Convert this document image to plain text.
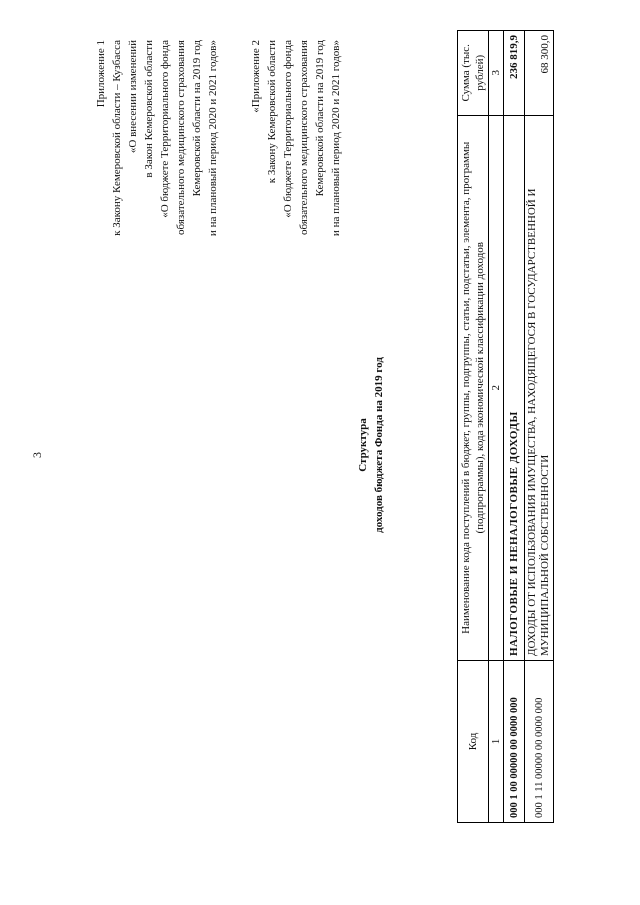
3
Приложение 1 к Закону Кемеровской области – Кузбасса «О внесении изменений в Закон Кемеровской области «О бюджете Территориального фонда обязательного медицинского страхования Кемеровской области на 2019 год и на плановый период 2020 и 2021 годов»	«Приложение 2 к Закону Кемеровской области «О бюджете Территориального фонда обязательного медицинского страхования Кемеровской области на 2019 год и на плановый период 2020 и 2021 годов»
Структура доходов бюджета Фонда на 2019 год
Код	Наименование кода поступлений в бюджет, группы, подгруппы, статьи, подстатьи, элемента, программы (подпрограммы), кода экономической классификации доходов	Сумма (тыс. рублей)
1	2	3
000 1 00 00000 00 0000 000	НАЛОГОВЫЕ И НЕНАЛОГОВЫЕ ДОХОДЫ	236 819,9
000 1 11 00000 00 0000 000	ДОХОДЫ ОТ ИСПОЛЬЗОВАНИЯ ИМУЩЕСТВА, НАХОДЯЩЕГОСЯ В ГОСУДАРСТВЕННОЙ И МУНИЦИПАЛЬНОЙ СОБСТВЕННОСТИ	68 300,0
